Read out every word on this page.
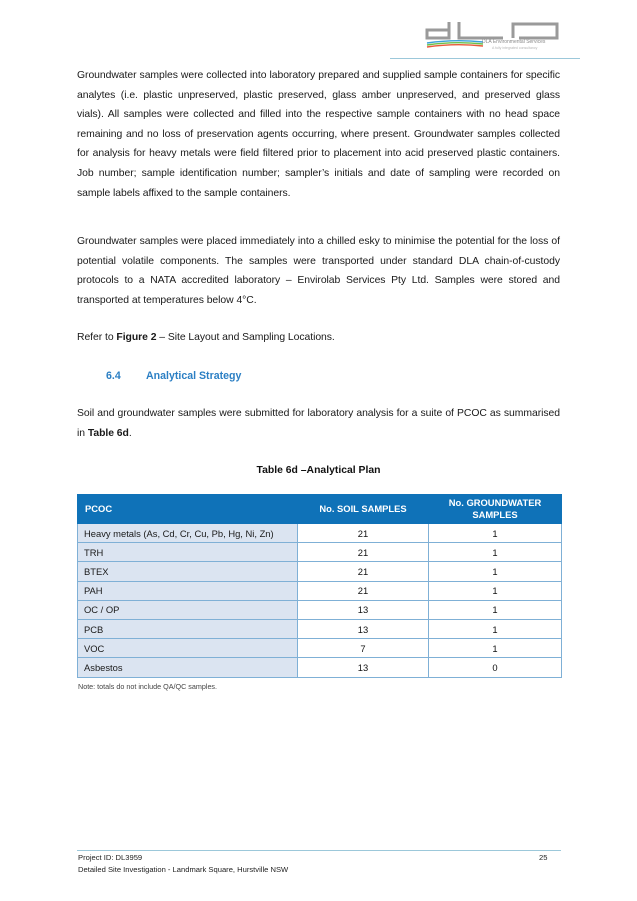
DLA Environmental Services
A fully integrated consultancy
Groundwater samples were collected into laboratory prepared and supplied sample containers for specific analytes (i.e. plastic unpreserved, plastic preserved, glass amber unpreserved, and preserved glass vials). All samples were collected and filled into the respective sample containers with no head space remaining and no loss of preservation agents occurring, where present. Groundwater samples collected for analysis for heavy metals were field filtered prior to placement into acid preserved plastic containers. Job number; sample identification number; sampler’s initials and date of sampling were recorded on sample labels affixed to the sample containers.
Groundwater samples were placed immediately into a chilled esky to minimise the potential for the loss of potential volatile components. The samples were transported under standard DLA chain-of-custody protocols to a NATA accredited laboratory – Envirolab Services Pty Ltd. Samples were stored and transported at temperatures below 4°C.
Refer to Figure 2 – Site Layout and Sampling Locations.
6.4 Analytical Strategy
Soil and groundwater samples were submitted for laboratory analysis for a suite of PCOC as summarised in Table 6d.
Table 6d –Analytical Plan
PCOC	No. SOIL SAMPLES	No. GROUNDWATER SAMPLES
Heavy metals (As, Cd, Cr, Cu, Pb, Hg, Ni, Zn)	21	1
TRH	21	1
BTEX	21	1
PAH	21	1
OC / OP	13	1
PCB	13	1
VOC	7	1
Asbestos	13	0
Note: totals do not include QA/QC samples.
Project ID: DL3959
Detailed Site Investigation - Landmark Square, Hurstville NSW
25
